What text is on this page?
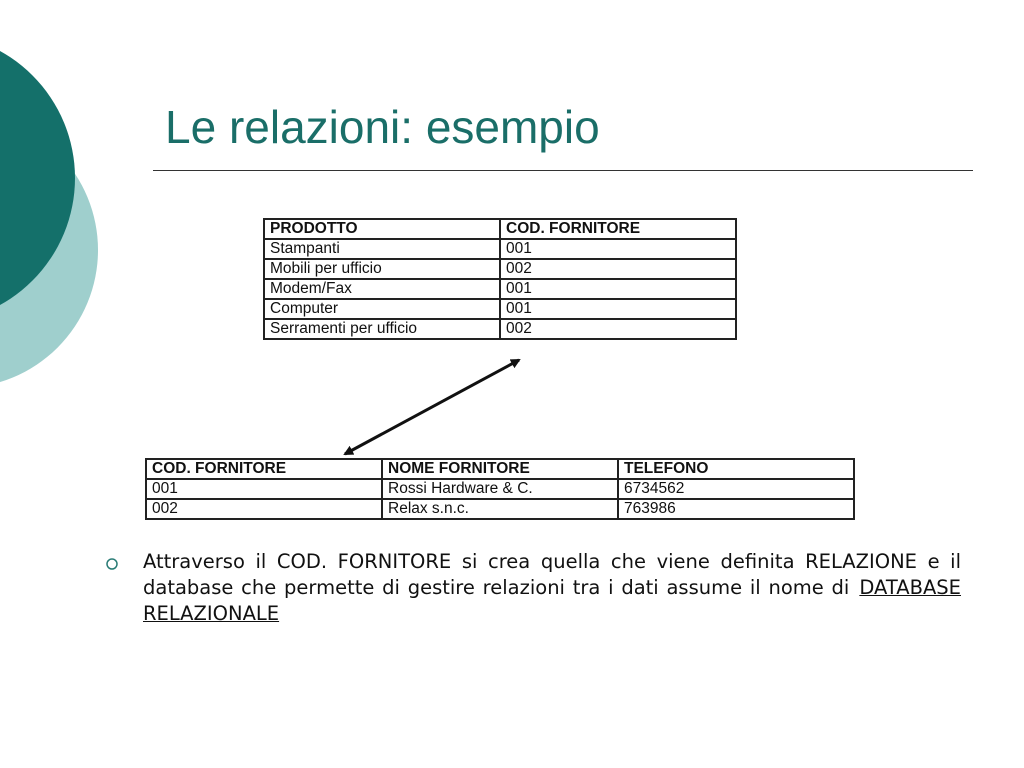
Le relazioni: esempio
PRODOTTO	COD. FORNITORE
Stampanti	001
Mobili per ufficio	002
Modem/Fax	001
Computer	001
Serramenti per ufficio	002
COD. FORNITORE	NOME FORNITORE	TELEFONO
001	Rossi Hardware & C.	6734562
002	Relax s.n.c.	763986

Attraverso il COD. FORNITORE si crea quella che viene definita RELAZIONE e il database che permette di gestire relazioni tra i dati assume il nome di DATABASE RELAZIONALE
